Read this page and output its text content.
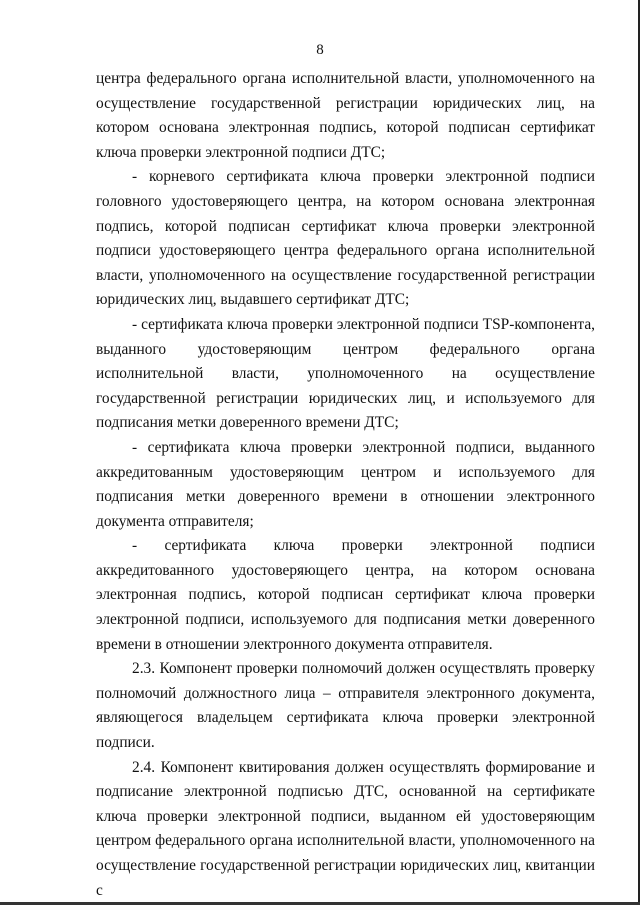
8

центра федерального органа исполнительной власти, уполномоченного на осуществление государственной регистрации юридических лиц, на котором основана электронная подпись, которой подписан сертификат ключа проверки электронной подписи ДТС;

- корневого сертификата ключа проверки электронной подписи головного удостоверяющего центра, на котором основана электронная подпись, которой подписан сертификат ключа проверки электронной подписи удостоверяющего центра федерального органа исполнительной власти, уполномоченного на осуществление государственной регистрации юридических лиц, выдавшего сертификат ДТС;

- сертификата ключа проверки электронной подписи TSP-компонента, выданного удостоверяющим центром федерального органа исполнительной власти, уполномоченного на осуществление государственной регистрации юридических лиц, и используемого для подписания метки доверенного времени ДТС;

- сертификата ключа проверки электронной подписи, выданного аккредитованным удостоверяющим центром и используемого для подписания метки доверенного времени в отношении электронного документа отправителя;

- сертификата ключа проверки электронной подписи аккредитованного удостоверяющего центра, на котором основана электронная подпись, которой подписан сертификат ключа проверки электронной подписи, используемого для подписания метки доверенного времени в отношении электронного документа отправителя.

2.3. Компонент проверки полномочий должен осуществлять проверку полномочий должностного лица – отправителя электронного документа, являющегося владельцем сертификата ключа проверки электронной подписи.

2.4. Компонент квитирования должен осуществлять формирование и подписание электронной подписью ДТС, основанной на сертификате ключа проверки электронной подписи, выданном ей удостоверяющим центром федерального органа исполнительной власти, уполномоченного на осуществление государственной регистрации юридических лиц, квитанции с
